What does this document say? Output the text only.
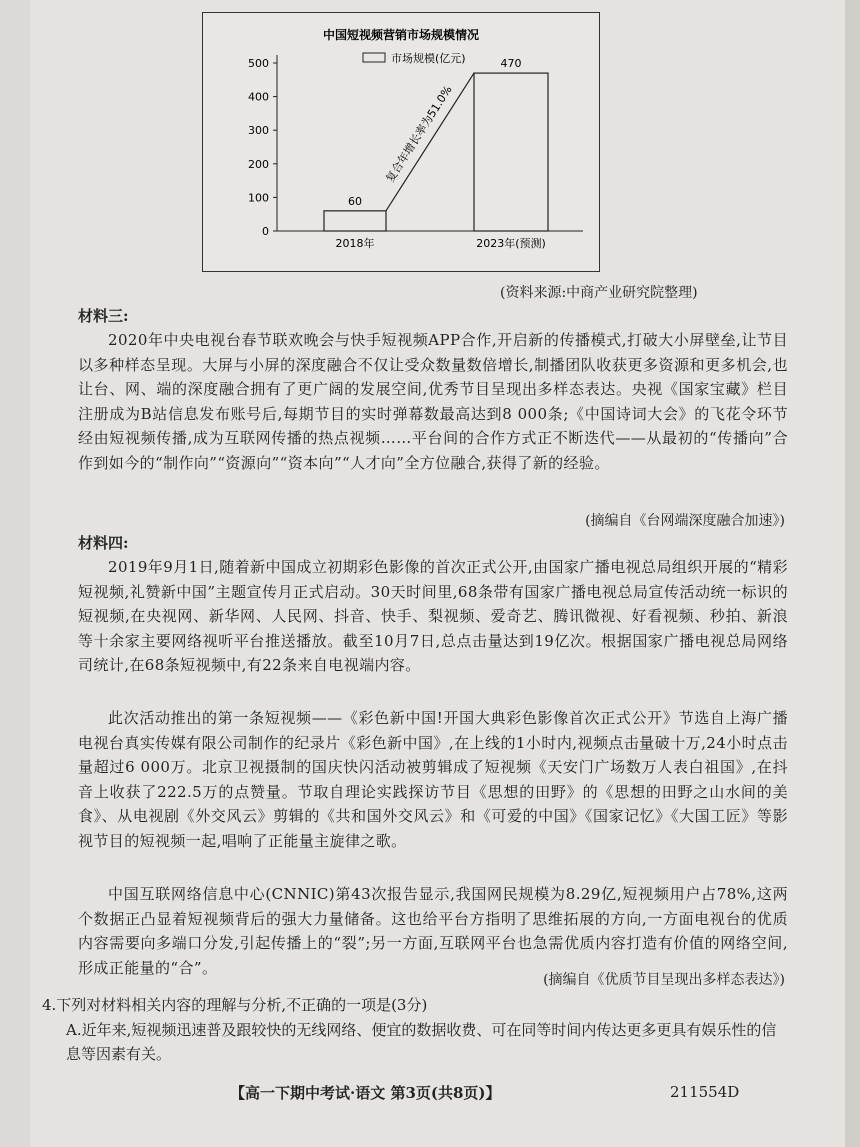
中国短视频营销市场规模情况
市场规模(亿元)
0
100
200
300
400
500
60
2018年
470
2023年(预测)
复合年增长率为51.0%
(资料来源:中商产业研究院整理)
材料三:
2020年中央电视台春节联欢晚会与快手短视频APP合作,开启新的传播模式,打破大小屏壁垒,让节目以多种样态呈现。大屏与小屏的深度融合不仅让受众数量数倍增长,制播团队收获更多资源和更多机会,也让台、网、端的深度融合拥有了更广阔的发展空间,优秀节目呈现出多样态表达。央视《国家宝藏》栏目注册成为B站信息发布账号后,每期节目的实时弹幕数最高达到8 000条;《中国诗词大会》的飞花令环节经由短视频传播,成为互联网传播的热点视频……平台间的合作方式正不断迭代——从最初的“传播向”合作到如今的“制作向”“资源向”“资本向”“人才向”全方位融合,获得了新的经验。
(摘编自《台网端深度融合加速》)
材料四:
2019年9月1日,随着新中国成立初期彩色影像的首次正式公开,由国家广播电视总局组织开展的“精彩短视频,礼赞新中国”主题宣传月正式启动。30天时间里,68条带有国家广播电视总局宣传活动统一标识的短视频,在央视网、新华网、人民网、抖音、快手、梨视频、爱奇艺、腾讯微视、好看视频、秒拍、新浪等十余家主要网络视听平台推送播放。截至10月7日,总点击量达到19亿次。根据国家广播电视总局网络司统计,在68条短视频中,有22条来自电视端内容。
此次活动推出的第一条短视频——《彩色新中国!开国大典彩色影像首次正式公开》节选自上海广播电视台真实传媒有限公司制作的纪录片《彩色新中国》,在上线的1小时内,视频点击量破十万,24小时点击量超过6 000万。北京卫视摄制的国庆快闪活动被剪辑成了短视频《天安门广场数万人表白祖国》,在抖音上收获了222.5万的点赞量。节取自理论实践探访节目《思想的田野》的《思想的田野之山水间的美食》、从电视剧《外交风云》剪辑的《共和国外交风云》和《可爱的中国》《国家记忆》《大国工匠》等影视节目的短视频一起,唱响了正能量主旋律之歌。
中国互联网络信息中心(CNNIC)第43次报告显示,我国网民规模为8.29亿,短视频用户占78%,这两个数据正凸显着短视频背后的强大力量储备。这也给平台方指明了思维拓展的方向,一方面电视台的优质内容需要向多端口分发,引起传播上的“裂”;另一方面,互联网平台也急需优质内容打造有价值的网络空间,形成正能量的“合”。
(摘编自《优质节目呈现出多样态表达》)
4.下列对材料相关内容的理解与分析,不正确的一项是(3分)
A.近年来,短视频迅速普及跟较快的无线网络、便宜的数据收费、可在同等时间内传达更多更具有娱乐性的信息等因素有关。
【高一下期中考试·语文 第3页(共8页)】	211554D
